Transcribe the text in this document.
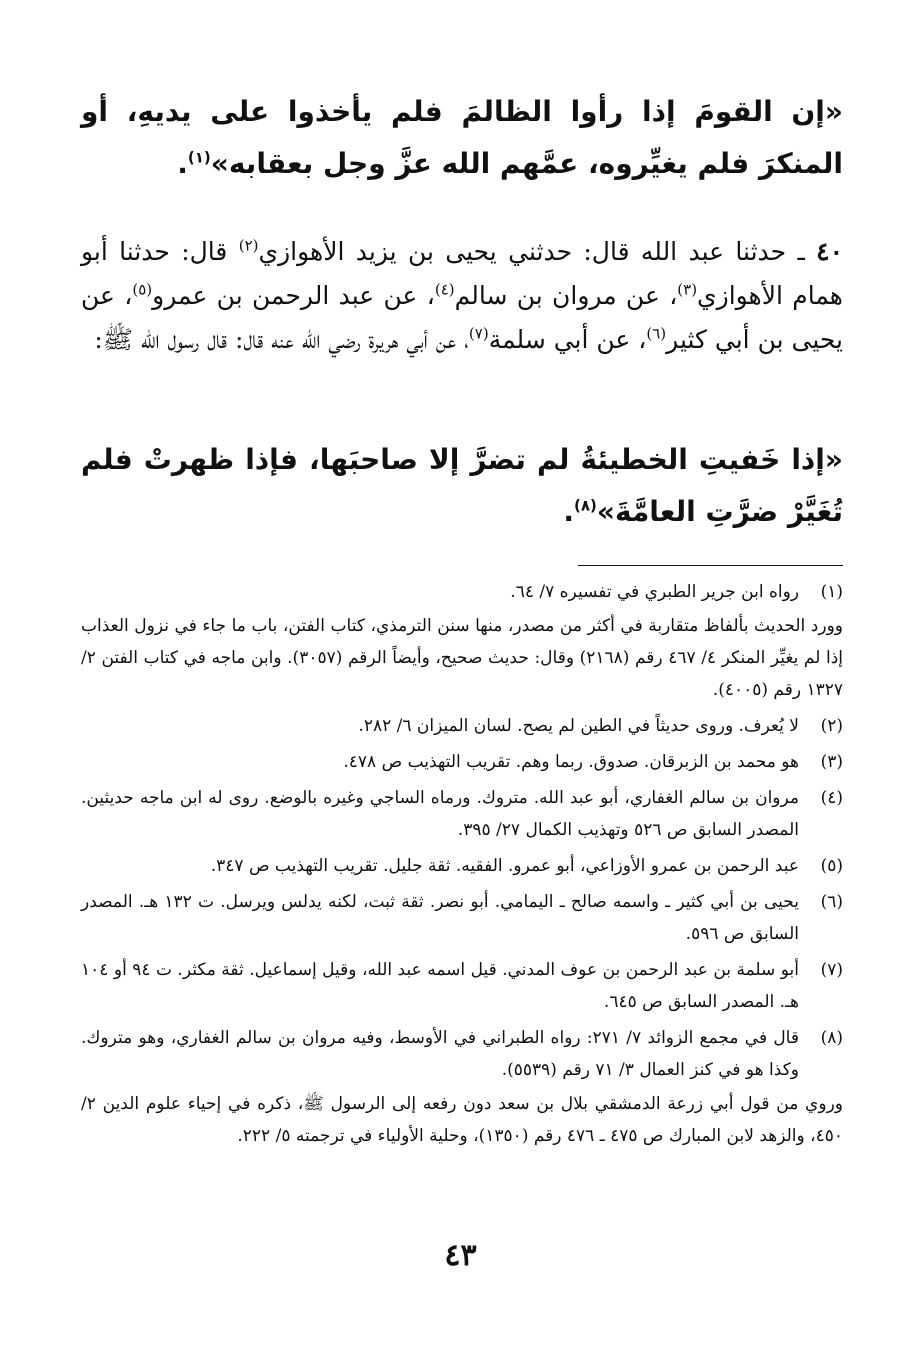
«إن القومَ إذا رأوا الظالمَ فلم يأخذوا على يديهِ، أو المنكرَ فلم يغيِّروه، عمَّهم الله عزَّ وجل بعقابه»$^{(١)}$.
٤٠ ـ حدثنا عبد الله قال: حدثني يحيى بن يزيد الأهوازي$^{(٢)}$ قال: حدثنا أبو همام الأهوازي$^{(٣)}$، عن مروان بن سالم$^{(٤)}$، عن عبد الرحمن بن عمرو$^{(٥)}$، عن يحيى بن أبي كثير$^{(٦)}$، عن أبي سلمة$^{(٧)}$، عن أبي هريرة رضي الله عنه قال: قال رسول الله ﷺ:
«إذا خَفيتِ الخطيئةُ لم تضرَّ إلا صاحبَها، فإذا ظهرتْ فلم تُغَيَّرْ ضرَّتِ العامَّةَ»$^{(٨)}$.
(١)

رواه ابن جرير الطبري في تفسيره ٧/ ٦٤.

وورد الحديث بألفاظ متقاربة في أكثر من مصدر، منها سنن الترمذي، كتاب الفتن، باب ما جاء في نزول العذاب إذا لم يغيِّر المنكر ٤/ ٤٦٧ رقم (٢١٦٨) وقال: حديث صحيح، وأيضاً الرقم (٣٠٥٧). وابن ماجه في كتاب الفتن ٢/ ١٣٢٧ رقم (٤٠٠٥).

(٢)

لا يُعرف. وروى حديثاً في الطين لم يصح. لسان الميزان ٦/ ٢٨٢.

(٣)

هو محمد بن الزبرقان. صدوق. ربما وهم. تقريب التهذيب ص ٤٧٨.

(٤)

مروان بن سالم الغفاري، أبو عبد الله. متروك. ورماه الساجي وغيره بالوضع. روى له ابن ماجه حديثين. المصدر السابق ص ٥٢٦ وتهذيب الكمال ٢٧/ ٣٩٥.

(٥)

عبد الرحمن بن عمرو الأوزاعي، أبو عمرو. الفقيه. ثقة جليل. تقريب التهذيب ص ٣٤٧.

(٦)

يحيى بن أبي كثير ـ واسمه صالح ـ اليمامي. أبو نصر. ثقة ثبت، لكنه يدلس ويرسل. ت ١٣٢ هـ. المصدر السابق ص ٥٩٦.

(٧)

أبو سلمة بن عبد الرحمن بن عوف المدني. قيل اسمه عبد الله، وقيل إسماعيل. ثقة مكثر. ت ٩٤ أو ١٠٤ هـ. المصدر السابق ص ٦٤٥.

(٨)

قال في مجمع الزوائد ٧/ ٢٧١: رواه الطبراني في الأوسط، وفيه مروان بن سالم الغفاري، وهو متروك. وكذا هو في كنز العمال ٣/ ٧١ رقم (٥٥٣٩).

وروي من قول أبي زرعة الدمشقي بلال بن سعد دون رفعه إلى الرسول ﷺ، ذكره في إحياء علوم الدين ٢/ ٤٥٠، والزهد لابن المبارك ص ٤٧٥ ـ ٤٧٦ رقم (١٣٥٠)، وحلية الأولياء في ترجمته ٥/ ٢٢٢.

٤٣
